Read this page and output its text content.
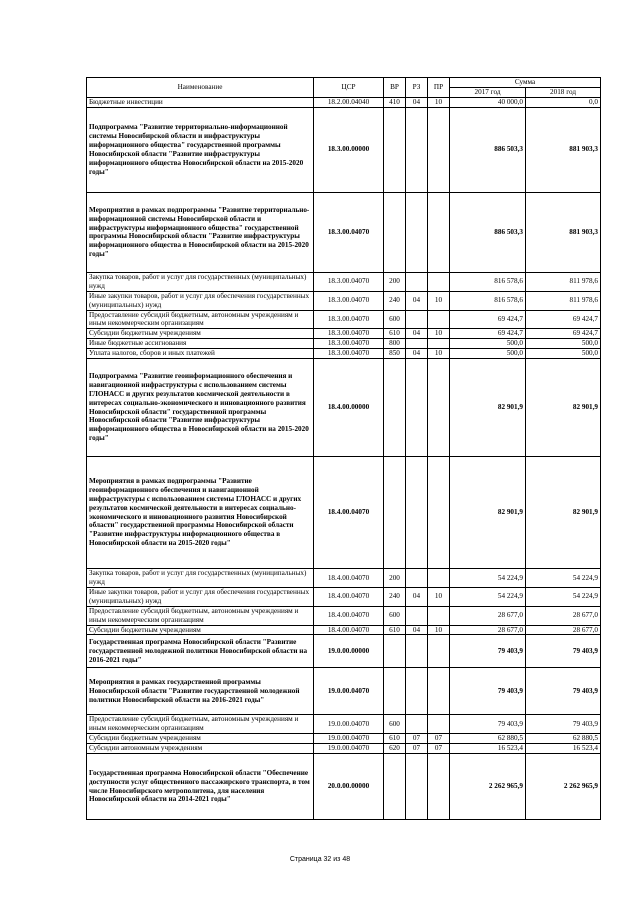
Наименование	ЦСР	ВР	РЗ	ПР	Сумма	
					2017 год	2018 год
Бюджетные инвестиции	18.2.00.04040	410	04	10	40 000,0	0,0
Подпрограмма "Развитие территориально-информационной системы Новосибирской области и инфраструктуры информационного общества" государственной программы Новосибирской области "Развитие инфраструктуры информационного общества Новосибирской области на 2015-2020 годы"	18.3.00.00000				886 503,3	881 903,3
Мероприятия в рамках подпрограммы "Развитие территориально-информационной системы Новосибирской области и инфраструктуры информационного общества" государственной программы Новосибирской области "Развитие инфраструктуры информационного общества в Новосибирской области на 2015-2020 годы"	18.3.00.04070				886 503,3	881 903,3
Закупка товаров, работ и услуг для государственных (муниципальных) нужд	18.3.00.04070	200			816 578,6	811 978,6
Иные закупки товаров, работ и услуг для обеспечения государственных (муниципальных) нужд	18.3.00.04070	240	04	10	816 578,6	811 978,6
Предоставление субсидий бюджетным, автономным учреждениям и иным некоммерческим организациям	18.3.00.04070	600			69 424,7	69 424,7
Субсидии бюджетным учреждениям	18.3.00.04070	610	04	10	69 424,7	69 424,7
Иные бюджетные ассигнования	18.3.00.04070	800			500,0	500,0
Уплата налогов, сборов и иных платежей	18.3.00.04070	850	04	10	500,0	500,0
Подпрограмма "Развитие геоинформационного обеспечения и навигационной инфраструктуры с использованием системы ГЛОНАСС и других результатов космической деятельности в интересах социально-экономического и инновационного развития Новосибирской области" государственной программы Новосибирской области "Развитие инфраструктуры информационного общества в Новосибирской области на 2015-2020 годы"	18.4.00.00000				82 901,9	82 901,9
Мероприятия в рамках подпрограммы "Развитие геоинформационного обеспечения и навигационной инфраструктуры с использованием системы ГЛОНАСС и других результатов космической деятельности в интересах социально-экономического и инновационного развития Новосибирской области" государственной программы Новосибирской области "Развитие инфраструктуры информационного общества в Новосибирской области на 2015-2020 годы"	18.4.00.04070				82 901,9	82 901,9
Закупка товаров, работ и услуг для государственных (муниципальных) нужд	18.4.00.04070	200			54 224,9	54 224,9
Иные закупки товаров, работ и услуг для обеспечения государственных (муниципальных) нужд	18.4.00.04070	240	04	10	54 224,9	54 224,9
Предоставление субсидий бюджетным, автономным учреждениям и иным некоммерческим организациям	18.4.00.04070	600			28 677,0	28 677,0
Субсидии бюджетным учреждениям	18.4.00.04070	610	04	10	28 677,0	28 677,0
Государственная программа Новосибирской области "Развитие государственной молодежной политики Новосибирской области на 2016-2021 годы"	19.0.00.00000				79 403,9	79 403,9
Мероприятия в рамках государственной программы Новосибирской области "Развитие государственной молодежной политики Новосибирской области на 2016-2021 годы"	19.0.00.04070				79 403,9	79 403,9
Предоставление субсидий бюджетным, автономным учреждениям и иным некоммерческим организациям	19.0.00.04070	600			79 403,9	79 403,9
Субсидии бюджетным учреждениям	19.0.00.04070	610	07	07	62 880,5	62 880,5
Субсидии автономным учреждениям	19.0.00.04070	620	07	07	16 523,4	16 523,4
Государственная программа Новосибирской области "Обеспечение доступности услуг общественного пассажирского транспорта, в том числе Новосибирского метрополитена, для населения Новосибирской области на 2014-2021 годы"	20.0.00.00000				2 262 965,9	2 262 965,9
Страница 32 из 48
